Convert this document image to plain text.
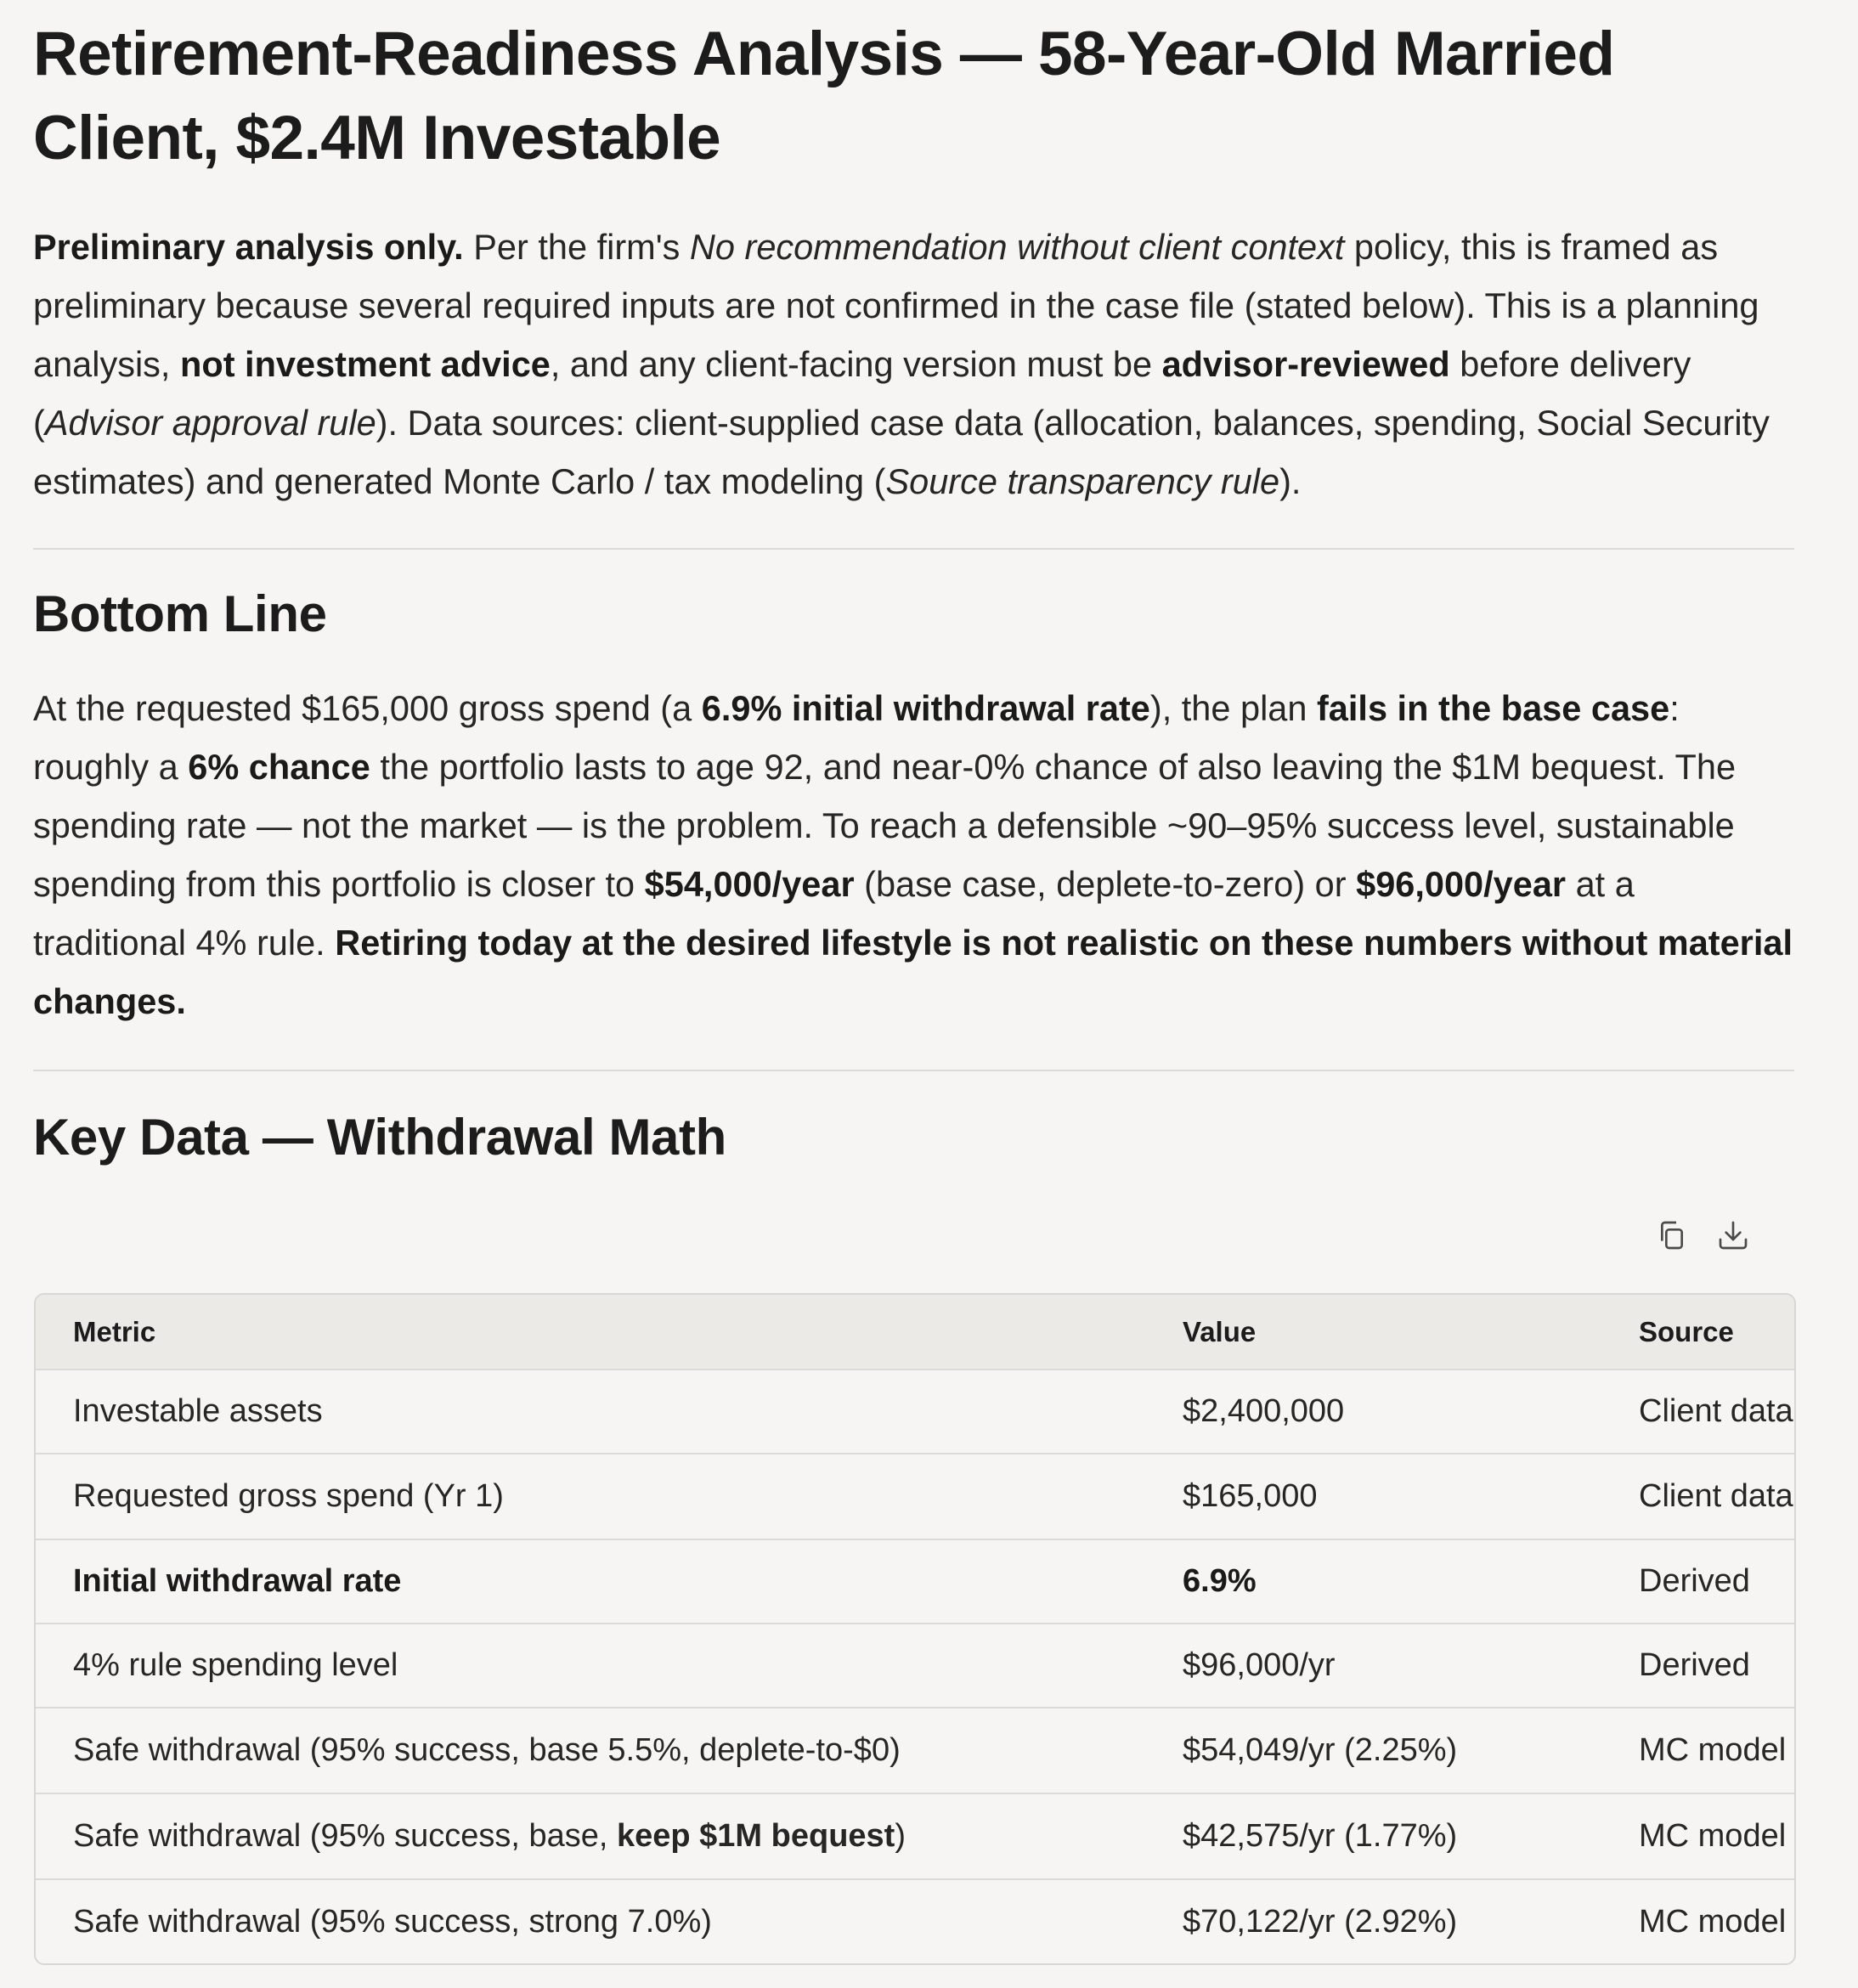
Retirement-Readiness Analysis — 58-Year-Old Married Client, $2.4M Investable

Preliminary analysis only. Per the firm's No recommendation without client context policy, this is framed as preliminary because several required inputs are not confirmed in the case file (stated below). This is a planning analysis, not investment advice, and any client-facing version must be advisor-reviewed before delivery (Advisor approval rule). Data sources: client-supplied case data (allocation, balances, spending, Social Security estimates) and generated Monte Carlo / tax modeling (Source transparency rule).

Bottom Line

At the requested $165,000 gross spend (a 6.9% initial withdrawal rate), the plan fails in the base case: roughly a 6% chance the portfolio lasts to age 92, and near-0% chance of also leaving the $1M bequest. The spending rate — not the market — is the problem. To reach a defensible ~90–95% success level, sustainable spending from this portfolio is closer to $54,000/year (base case, deplete-to-zero) or $96,000/year at a traditional 4% rule. Retiring today at the desired lifestyle is not realistic on these numbers without material changes.

Key Data — Withdrawal Math
Metric	Value	Source
Investable assets	$2,400,000	Client data
Requested gross spend (Yr 1)	$165,000	Client data
Initial withdrawal rate	6.9%	Derived
4% rule spending level	$96,000/yr	Derived
Safe withdrawal (95% success, base 5.5%, deplete-to-$0)	$54,049/yr (2.25%)	MC model
Safe withdrawal (95% success, base, keep $1M bequest)	$42,575/yr (1.77%)	MC model
Safe withdrawal (95% success, strong 7.0%)	$70,122/yr (2.92%)	MC model
